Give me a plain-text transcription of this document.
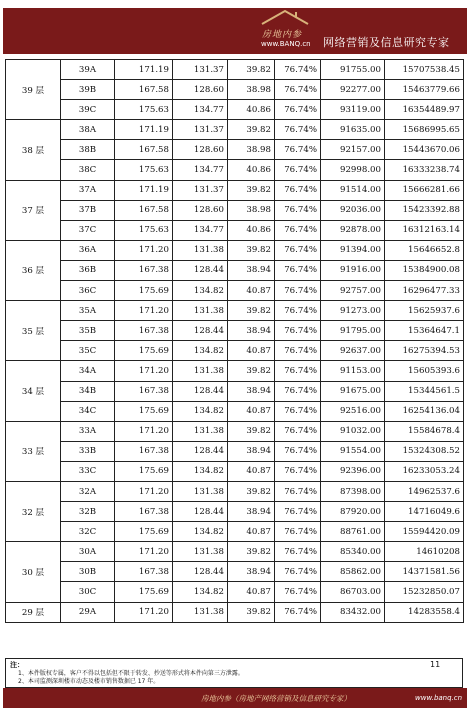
房地内参
www.BANQ.cn 网络营销及信息研究专家
39 层	39A	171.19	131.37	39.82	76.74%	91755.00	15707538.45
	39B	167.58	128.60	38.98	76.74%	92277.00	15463779.66
	39C	175.63	134.77	40.86	76.74%	93119.00	16354489.97
38 层	38A	171.19	131.37	39.82	76.74%	91635.00	15686995.65
	38B	167.58	128.60	38.98	76.74%	92157.00	15443670.06
	38C	175.63	134.77	40.86	76.74%	92998.00	16333238.74
37 层	37A	171.19	131.37	39.82	76.74%	91514.00	15666281.66
	37B	167.58	128.60	38.98	76.74%	92036.00	15423392.88
	37C	175.63	134.77	40.86	76.74%	92878.00	16312163.14
36 层	36A	171.20	131.38	39.82	76.74%	91394.00	15646652.8
	36B	167.38	128.44	38.94	76.74%	91916.00	15384900.08
	36C	175.69	134.82	40.87	76.74%	92757.00	16296477.33
35 层	35A	171.20	131.38	39.82	76.74%	91273.00	15625937.6
	35B	167.38	128.44	38.94	76.74%	91795.00	15364647.1
	35C	175.69	134.82	40.87	76.74%	92637.00	16275394.53
34 层	34A	171.20	131.38	39.82	76.74%	91153.00	15605393.6
	34B	167.38	128.44	38.94	76.74%	91675.00	15344561.5
	34C	175.69	134.82	40.87	76.74%	92516.00	16254136.04
33 层	33A	171.20	131.38	39.82	76.74%	91032.00	15584678.4
	33B	167.38	128.44	38.94	76.74%	91554.00	15324308.52
	33C	175.69	134.82	40.87	76.74%	92396.00	16233053.24
32 层	32A	171.20	131.38	39.82	76.74%	87398.00	14962537.6
	32B	167.38	128.44	38.94	76.74%	87920.00	14716049.6
	32C	175.69	134.82	40.87	76.74%	88761.00	15594420.09
30 层	30A	171.20	131.38	39.82	76.74%	85340.00	14610208
	30B	167.38	128.44	38.94	76.74%	85862.00	14371581.56
	30C	175.69	134.82	40.87	76.74%	86703.00	15232850.07
29 层	29A	171.20	131.38	39.82	76.74%	83432.00	14283558.4
注：
1、本件版权专属，客户不得以包括但不限于转发、抄送等形式将本件向第三方泄露。
2、本司监测深圳楼市动态及楼市销售数据已 17 年。
11
房地内参（房地产网络营销及信息研究专家）	www.banq.cn
